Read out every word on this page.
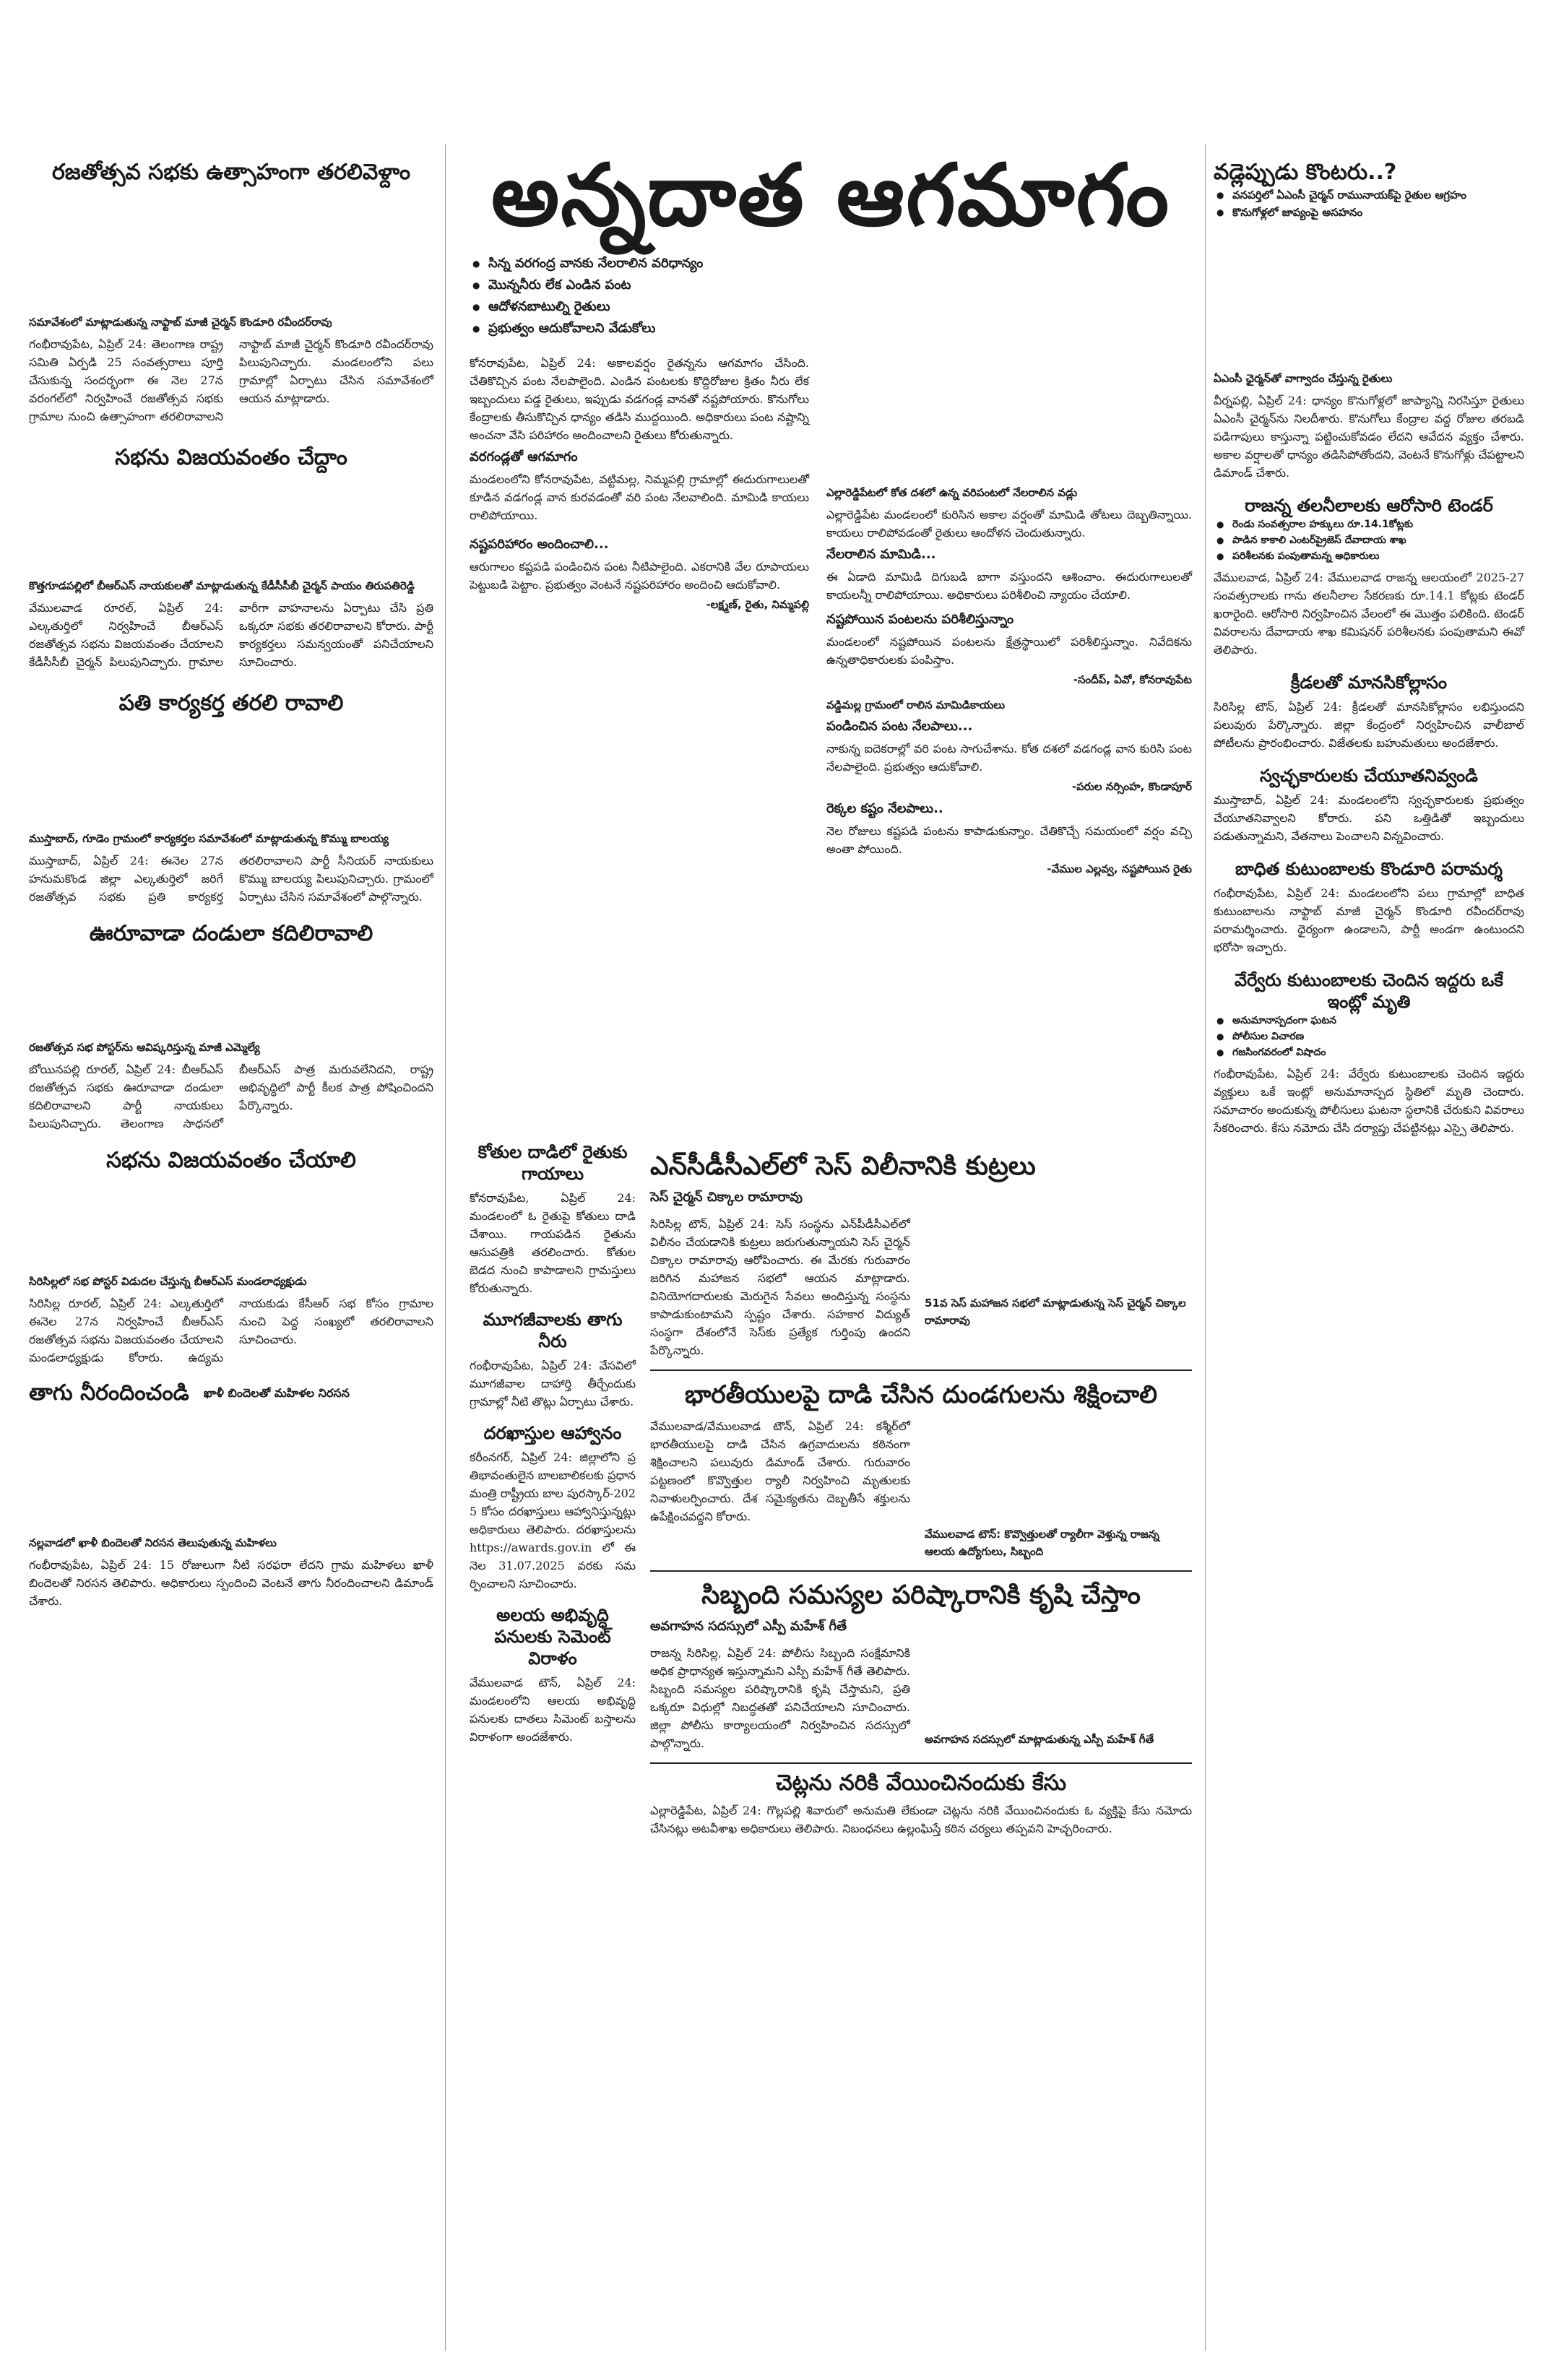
అన్నదాత ఆగమాగం
రజతోత్సవ సభకు ఉత్సాహంగా తరలివెళ్దాం
సమావేశంలో మాట్లాడుతున్న నాఫ్టాబ్ మాజీ చైర్మన్ కొండూరి రవీందర్‌రావు
గంభీరావుపేట, ఏప్రిల్ 24: తెలంగాణ రాష్ట్ర సమితి ఏర్పడి 25 సంవత్సరాలు పూర్తి చేసుకున్న సందర్భంగా ఈ నెల 27న వరంగల్‌లో నిర్వహించే రజతోత్సవ సభకు గ్రామాల నుంచి ఉత్సాహంగా తరలిరావాలని నాఫ్టాబ్ మాజీ చైర్మన్ కొండూరి రవీందర్‌రావు పిలుపునిచ్చారు. మండలంలోని పలు గ్రామాల్లో ఏర్పాటు చేసిన సమావేశంలో ఆయన మాట్లాడారు.
సభను విజయవంతం చేద్దాం
కొత్తగూడపల్లిలో బీఆర్ఎస్ నాయకులతో మాట్లాడుతున్న కేడీసీసీబీ చైర్మన్ పాయం తిరుపతిరెడ్డి
వేములవాడ రూరల్, ఏప్రిల్ 24: ఎల్కతుర్తిలో నిర్వహించే బీఆర్ఎస్ రజతోత్సవ సభను విజయవంతం చేయాలని కేడీసీసీబీ చైర్మన్ పిలుపునిచ్చారు. గ్రామాల వారీగా వాహనాలను ఏర్పాటు చేసి ప్రతి ఒక్కరూ సభకు తరలిరావాలని కోరారు. పార్టీ కార్యకర్తలు సమన్వయంతో పనిచేయాలని సూచించారు.
పతి కార్యకర్త తరలి రావాలి
ముస్తాబాద్, గూడెం గ్రామంలో కార్యకర్తల సమావేశంలో మాట్లాడుతున్న కొమ్ము బాలయ్య
ముస్తాబాద్, ఏప్రిల్ 24: ఈనెల 27న హనుమకొండ జిల్లా ఎల్కతుర్తిలో జరిగే రజతోత్సవ సభకు ప్రతి కార్యకర్త తరలిరావాలని పార్టీ సీనియర్ నాయకులు కొమ్ము బాలయ్య పిలుపునిచ్చారు. గ్రామంలో ఏర్పాటు చేసిన సమావేశంలో పాల్గొన్నారు.
ఊరూవాడా దండులా కదిలిరావాలి
రజతోత్సవ సభ పోస్టర్‌ను ఆవిష్కరిస్తున్న మాజీ ఎమ్మెల్యే
బోయినపల్లి రూరల్, ఏప్రిల్ 24: బీఆర్ఎస్ రజతోత్సవ సభకు ఊరూవాడా దండులా కదిలిరావాలని పార్టీ నాయకులు పిలుపునిచ్చారు. తెలంగాణ సాధనలో బీఆర్ఎస్ పాత్ర మరువలేనిదని, రాష్ట్ర అభివృద్ధిలో పార్టీ కీలక పాత్ర పోషించిందని పేర్కొన్నారు.
సభను విజయవంతం చేయాలి
సిరిసిల్లలో సభ పోస్టర్ విడుదల చేస్తున్న బీఆర్ఎస్ మండలాధ్యక్షుడు
సిరిసిల్ల రూరల్, ఏప్రిల్ 24: ఎల్కతుర్తిలో ఈనెల 27న నిర్వహించే బీఆర్ఎస్ రజతోత్సవ సభను విజయవంతం చేయాలని మండలాధ్యక్షుడు కోరారు. ఉద్యమ నాయకుడు కేసీఆర్ సభ కోసం గ్రామాల నుంచి పెద్ద సంఖ్యలో తరలిరావాలని సూచించారు.
తాగు నీరందించండి ఖాళీ బిందెలతో మహిళల నిరసన
నల్లవాడలో ఖాళీ బిందెలతో నిరసన తెలుపుతున్న మహిళలు
గంభీరావుపేట, ఏప్రిల్ 24: 15 రోజులుగా నీటి సరఫరా లేదని గ్రామ మహిళలు ఖాళీ బిందెలతో నిరసన తెలిపారు. అధికారులు స్పందించి వెంటనే తాగు నీరందించాలని డిమాండ్ చేశారు.
● సిన్న వరగంద్ర వానకు నేలరాలిన వరిధాన్యం
● మొన్ననీరు లేక ఎండిన పంట
● ఆదోళనబాటుల్ని రైతులు
● ప్రభుత్వం ఆదుకోవాలని వేడుకోలు
కోనరావుపేట, ఏప్రిల్ 24: అకాలవర్షం రైతన్నను ఆగమాగం చేసింది. చేతికొచ్చిన పంట నేలపాలైంది. ఎండిన పంటలకు కొద్దిరోజుల క్రితం నీరు లేక ఇబ్బందులు పడ్డ రైతులు, ఇప్పుడు వడగండ్ల వానతో నష్టపోయారు. కొనుగోలు కేంద్రాలకు తీసుకొచ్చిన ధాన్యం తడిసి ముద్దయింది. అధికారులు పంట నష్టాన్ని అంచనా వేసి పరిహారం అందించాలని రైతులు కోరుతున్నారు.
వరగండ్లతో ఆగమాగం
మండలంలోని కోనరావుపేట, వట్టిమల్ల, నిమ్మపల్లి గ్రామాల్లో ఈదురుగాలులతో కూడిన వడగండ్ల వాన కురవడంతో వరి పంట నేలవాలింది. మామిడి కాయలు రాలిపోయాయి.
నష్టపరిహారం అందించాలి...
ఆరుగాలం కష్టపడి పండించిన పంట నీటిపాలైంది. ఎకరానికి వేల రూపాయలు పెట్టుబడి పెట్టాం. ప్రభుత్వం వెంటనే నష్టపరిహారం అందించి ఆదుకోవాలి.
-లక్ష్మణ్, రైతు, నిమ్మపల్లి
ఎల్లారెడ్డిపేటలో కోత దశలో ఉన్న వరిపంటలో నేలరాలిన వడ్లు
ఎల్లారెడ్డిపేట మండలంలో కురిసిన అకాల వర్షంతో మామిడి తోటలు దెబ్బతిన్నాయి. కాయలు రాలిపోవడంతో రైతులు ఆందోళన చెందుతున్నారు.
నేలరాలిన మామిడి...
ఈ ఏడాది మామిడి దిగుబడి బాగా వస్తుందని ఆశించాం. ఈదురుగాలులతో కాయలన్నీ రాలిపోయాయి. అధికారులు పరిశీలించి న్యాయం చేయాలి.
నష్టపోయిన పంటలను పరిశీలిస్తున్నాం
మండలంలో నష్టపోయిన పంటలను క్షేత్రస్థాయిలో పరిశీలిస్తున్నాం. నివేదికను ఉన్నతాధికారులకు పంపిస్తాం.
-సందీప్, ఏవో, కోనరావుపేట
వడ్డిమల్ల గ్రామంలో రాలిన మామిడికాయలు
పండించిన పంట నేలపాలు...
నాకున్న ఐదెకరాల్లో వరి పంట సాగుచేశాను. కోత దశలో వడగండ్ల వాన కురిసి పంట నేలపాలైంది. ప్రభుత్వం ఆదుకోవాలి.
-పరుల నర్సింహ, కొండాపూర్
రెక్కల కష్టం నేలపాలు..
నెల రోజులు కష్టపడి పంటను కాపాడుకున్నాం. చేతికొచ్చే సమయంలో వర్షం వచ్చి అంతా పోయింది.
-వేముల ఎల్లవ్వ, నష్టపోయిన రైతు
కోతుల దాడిలో రైతుకు గాయాలు
కోనరావుపేట, ఏప్రిల్ 24: మండలంలో ఓ రైతుపై కోతులు దాడి చేశాయి. గాయపడిన రైతును ఆసుపత్రికి తరలించారు. కోతుల బెడద నుంచి కాపాడాలని గ్రామస్తులు కోరుతున్నారు.
మూగజీవాలకు తాగు నీరు
గంభీరావుపేట, ఏప్రిల్ 24: వేసవిలో మూగజీవాల దాహార్తి తీర్చేందుకు గ్రామాల్లో నీటి తొట్లు ఏర్పాటు చేశారు.
దరఖాస్తుల ఆహ్వానం
కరీంనగర్, ఏప్రిల్ 24: జిల్లాలోని ప్రతిభావంతులైన బాలబాలికలకు ప్రధానమంత్రి రాష్ట్రీయ బాల పురస్కార్-2025 కోసం దరఖాస్తులు ఆహ్వానిస్తున్నట్లు అధికారులు తెలిపారు. దరఖాస్తులను https://awards.gov.in లో ఈనెల 31.07.2025 వరకు సమర్పించాలని సూచించారు.
అలయ అభివృద్ధి పనులకు సెమెంట్ విరాళం
వేములవాడ టౌన్, ఏప్రిల్ 24: మండలంలోని ఆలయ అభివృద్ధి పనులకు దాతలు సిమెంట్ బస్తాలను విరాళంగా అందజేశారు.
ఎన్‌సీడీసీఎల్‌లో సెస్ విలీనానికి కుట్రలు
సెస్ చైర్మన్ చిక్కాల రామారావు
సిరిసిల్ల టౌన్, ఏప్రిల్ 24: సెస్ సంస్థను ఎన్‌పీడీసీఎల్‌లో విలీనం చేయడానికి కుట్రలు జరుగుతున్నాయని సెస్ చైర్మన్ చిక్కాల రామారావు ఆరోపించారు. ఈ మేరకు గురువారం జరిగిన మహాజన సభలో ఆయన మాట్లాడారు. వినియోగదారులకు మెరుగైన సేవలు అందిస్తున్న సంస్థను కాపాడుకుంటామని స్పష్టం చేశారు. సహకార విద్యుత్ సంస్థగా దేశంలోనే సెస్‌కు ప్రత్యేక గుర్తింపు ఉందని పేర్కొన్నారు.
51వ సెస్ మహాజన సభలో మాట్లాడుతున్న సెస్ చైర్మన్ చిక్కాల రామారావు
భారతీయులపై దాడి చేసిన దుండగులను శిక్షించాలి
వేములవాడ/వేములవాడ టౌన్, ఏప్రిల్ 24: కశ్మీర్‌లో భారతీయులపై దాడి చేసిన ఉగ్రవాదులను కఠినంగా శిక్షించాలని పలువురు డిమాండ్ చేశారు. గురువారం పట్టణంలో కొవ్వొత్తుల ర్యాలీ నిర్వహించి మృతులకు నివాళులర్పించారు. దేశ సమైక్యతను దెబ్బతీసే శక్తులను ఉపేక్షించవద్దని కోరారు.
వేములవాడ టౌన్: కొవ్వొత్తులతో ర్యాలీగా వెళ్తున్న రాజన్న ఆలయ ఉద్యోగులు, సిబ్బంది
సిబ్బంది సమస్యల పరిష్కారానికి కృషి చేస్తాం
అవగాహన సదస్సులో ఎస్పీ మహేశ్ గీతే
రాజన్న సిరిసిల్ల, ఏప్రిల్ 24: పోలీసు సిబ్బంది సంక్షేమానికి అధిక ప్రాధాన్యత ఇస్తున్నామని ఎస్పీ మహేశ్ గీతే తెలిపారు. సిబ్బంది సమస్యల పరిష్కారానికి కృషి చేస్తామని, ప్రతి ఒక్కరూ విధుల్లో నిబద్ధతతో పనిచేయాలని సూచించారు. జిల్లా పోలీసు కార్యాలయంలో నిర్వహించిన సదస్సులో పాల్గొన్నారు.	అవగాహన సదస్సులో మాట్లాడుతున్న ఎస్పీ మహేశ్ గీతే
చెట్లను నరికి వేయించినందుకు కేసు
ఎల్లారెడ్డిపేట, ఏప్రిల్ 24: గొల్లపల్లి శివారులో అనుమతి లేకుండా చెట్లను నరికి వేయించినందుకు ఓ వ్యక్తిపై కేసు నమోదు చేసినట్లు అటవీశాఖ అధికారులు తెలిపారు. నిబంధనలు ఉల్లంఘిస్తే కఠిన చర్యలు తప్పవని హెచ్చరించారు.
వడ్లెప్పుడు కొంటరు..?
● వనపర్తిలో ఏఎంసీ చైర్మన్ రామునాయక్‌పై రైతుల ఆగ్రహం
● కొనుగోళ్లలో జాప్యంపై అసహనం
ఏఎంసీ ఛైర్మన్‌తో వాగ్వాదం చేస్తున్న రైతులు
వీర్నపల్లి, ఏప్రిల్ 24: ధాన్యం కొనుగోళ్లలో జాప్యాన్ని నిరసిస్తూ రైతులు ఏఎంసీ చైర్మన్‌ను నిలదీశారు. కొనుగోలు కేంద్రాల వద్ద రోజుల తరబడి పడిగాపులు కాస్తున్నా పట్టించుకోవడం లేదని ఆవేదన వ్యక్తం చేశారు. అకాల వర్షాలతో ధాన్యం తడిసిపోతోందని, వెంటనే కొనుగోళ్లు చేపట్టాలని డిమాండ్ చేశారు.
రాజన్న తలనీలాలకు ఆరోసారి టెండర్
● రెండు సంవత్సరాల హక్కులు రూ.14.1కోట్లకు
● పాడిన కాకాలి ఎంటర్‌ప్రైజెస్ దేవాదాయ శాఖ
● పరిశీలనకు పంపుతామన్న అధికారులు
వేములవాడ, ఏప్రిల్ 24: వేములవాడ రాజన్న ఆలయంలో 2025-27 సంవత్సరాలకు గాను తలనీలాల సేకరణకు రూ.14.1 కోట్లకు టెండర్ ఖరారైంది. ఆరోసారి నిర్వహించిన వేలంలో ఈ మొత్తం పలికింది. టెండర్ వివరాలను దేవాదాయ శాఖ కమిషనర్ పరిశీలనకు పంపుతామని ఈవో తెలిపారు.
క్రీడలతో మానసికోల్లాసం
సిరిసిల్ల టౌన్, ఏప్రిల్ 24: క్రీడలతో మానసికోల్లాసం లభిస్తుందని పలువురు పేర్కొన్నారు. జిల్లా కేంద్రంలో నిర్వహించిన వాలీబాల్ పోటీలను ప్రారంభించారు. విజేతలకు బహుమతులు అందజేశారు.
స్వచ్ఛకారులకు చేయూతనివ్వండి
ముస్తాబాద్, ఏప్రిల్ 24: మండలంలోని స్వచ్ఛకారులకు ప్రభుత్వం చేయూతనివ్వాలని కోరారు. పని ఒత్తిడితో ఇబ్బందులు పడుతున్నామని, వేతనాలు పెంచాలని విన్నవించారు.
బాధిత కుటుంబాలకు కొండూరి పరామర్శ
గంభీరావుపేట, ఏప్రిల్ 24: మండలంలోని పలు గ్రామాల్లో బాధిత కుటుంబాలను నాఫ్టాబ్ మాజీ చైర్మన్ కొండూరి రవీందర్‌రావు పరామర్శించారు. ధైర్యంగా ఉండాలని, పార్టీ అండగా ఉంటుందని భరోసా ఇచ్చారు.
వేర్వేరు కుటుంబాలకు చెందిన ఇద్దరు ఒకే ఇంట్లో మృతి
● అనుమానాస్పదంగా ఘటన
● పోలీసుల విచారణ
● గజసింగవరంలో విషాదం
గంభీరావుపేట, ఏప్రిల్ 24: వేర్వేరు కుటుంబాలకు చెందిన ఇద్దరు వ్యక్తులు ఒకే ఇంట్లో అనుమానాస్పద స్థితిలో మృతి చెందారు. సమాచారం అందుకున్న పోలీసులు ఘటనా స్థలానికి చేరుకుని వివరాలు సేకరించారు. కేసు నమోదు చేసి దర్యాప్తు చేపట్టినట్లు ఎస్సై తెలిపారు.
